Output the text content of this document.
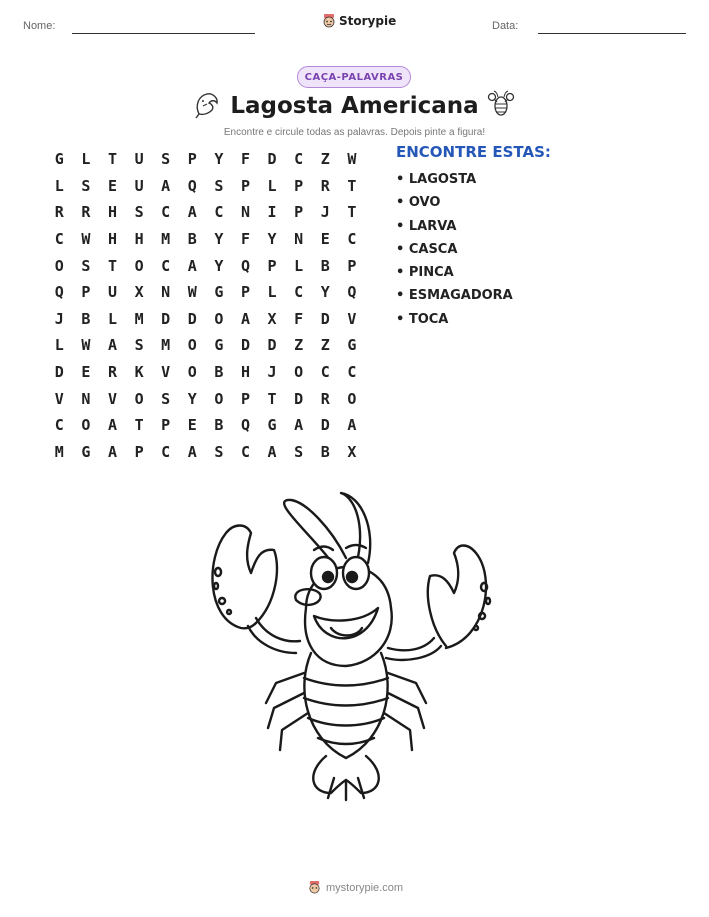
Nome:	Storypie	Data:
CAÇA-PALAVRAS
Lagosta Americana
Encontre e circule todas as palavras. Depois pinte a figura!
G	L	T	U	S	P	Y	F	D	C	Z	W
L	S	E	U	A	Q	S	P	L	P	R	T
R	R	H	S	C	A	C	N	I	P	J	T
C	W	H	H	M	B	Y	F	Y	N	E	C
O	S	T	O	C	A	Y	Q	P	L	B	P
Q	P	U	X	N	W	G	P	L	C	Y	Q
J	B	L	M	D	D	O	A	X	F	D	V
L	W	A	S	M	O	G	D	D	Z	Z	G
D	E	R	K	V	O	B	H	J	O	C	C
V	N	V	O	S	Y	O	P	T	D	R	O
C	O	A	T	P	E	B	Q	G	A	D	A
M	G	A	P	C	A	S	C	A	S	B	X
ENCONTRE ESTAS:
• LAGOSTA
• OVO
• LARVA
• CASCA
• PINCA
• ESMAGADORA
• TOCA
mystorypie.com
